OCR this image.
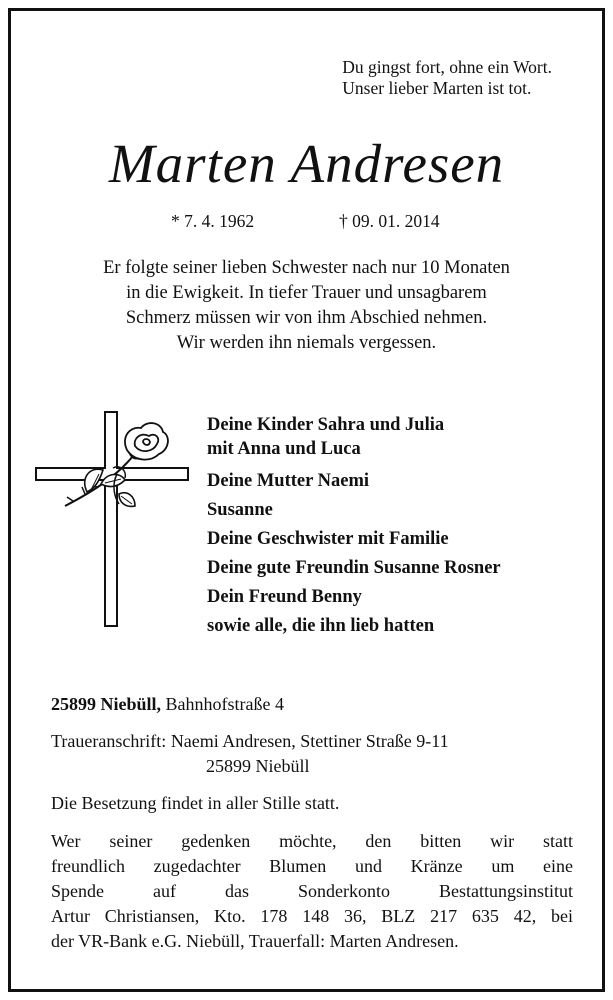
Du gingst fort, ohne ein Wort.
Unser lieber Marten ist tot.
Marten Andresen
* 7. 4. 1962	† 09. 01. 2014
Er folgte seiner lieben Schwester nach nur 10 Monaten
in die Ewigkeit. In tiefer Trauer und unsagbarem
Schmerz müssen wir von ihm Abschied nehmen.
Wir werden ihn niemals vergessen.
Deine Kinder Sahra und Julia
mit Anna und Luca
Deine Mutter Naemi
Susanne
Deine Geschwister mit Familie
Deine gute Freundin Susanne Rosner
Dein Freund Benny
sowie alle, die ihn lieb hatten
25899 Niebüll, Bahnhofstraße 4
Traueranschrift: Naemi Andresen, Stettiner Straße 9-11
25899 Niebüll
Die Besetzung findet in aller Stille statt.
Wer seiner gedenken möchte, den bitten wir statt
freundlich zugedachter Blumen und Kränze um eine
Spende auf das Sonderkonto Bestattungsinstitut
Artur Christiansen, Kto. 178 148 36, BLZ 217 635 42, bei
der VR-Bank e.G. Niebüll, Trauerfall: Marten Andresen.
